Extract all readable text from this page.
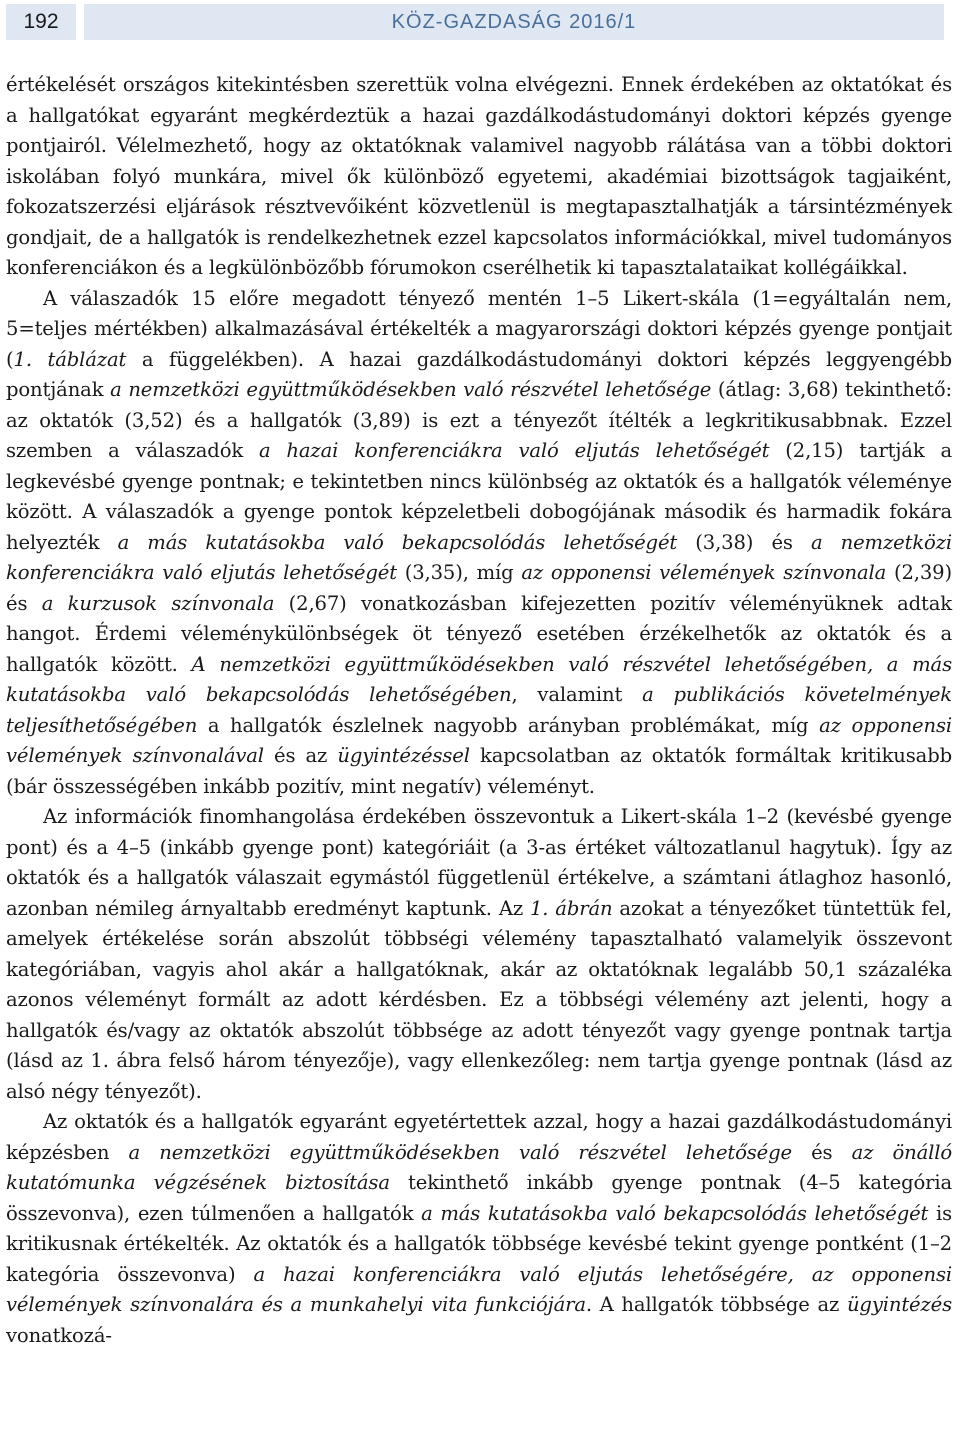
192	KÖZ-GAZDASÁG 2016/1

értékelését országos kitekintésben szerettük volna elvégezni. Ennek érdekében az oktatókat és a hallgatókat egyaránt megkérdeztük a hazai gazdálkodástudományi doktori képzés gyenge pontjairól. Vélelmezhető, hogy az oktatóknak valamivel nagyobb rálátása van a többi doktori iskolában folyó munkára, mivel ők különböző egyetemi, akadémiai bizottságok tagjaiként, fokozatszerzési eljárások résztvevőiként közvetlenül is megtapasztalhatják a társintézmények gondjait, de a hallgatók is rendelkezhetnek ezzel kapcsolatos információkkal, mivel tudományos konferenciákon és a legkülönbözőbb fórumokon cserélhetik ki tapasztalataikat kollégáikkal.

A válaszadók 15 előre megadott tényező mentén 1–5 Likert-skála (1=egyáltalán nem, 5=teljes mértékben) alkalmazásával értékelték a magyarországi doktori képzés gyenge pontjait (1. táblázat a függelékben). A hazai gazdálkodástudományi doktori képzés leggyengébb pontjának a nemzetközi együttműködésekben való részvétel lehetősége (átlag: 3,68) tekinthető: az oktatók (3,52) és a hallgatók (3,89) is ezt a tényezőt ítélték a legkritikusabbnak. Ezzel szemben a válaszadók a hazai konferenciákra való eljutás lehetőségét (2,15) tartják a legkevésbé gyenge pontnak; e tekintetben nincs különbség az oktatók és a hallgatók véleménye között. A válaszadók a gyenge pontok képzeletbeli dobogójának második és harmadik fokára helyezték a más kutatásokba való bekapcsolódás lehetőségét (3,38) és a nemzetközi konferenciákra való eljutás lehetőségét (3,35), míg az opponensi vélemények színvonala (2,39) és a kurzusok színvonala (2,67) vonatkozásban kifejezetten pozitív véleményüknek adtak hangot. Érdemi véleménykülönbségek öt tényező esetében érzékelhetők az oktatók és a hallgatók között. A nemzetközi együttműködésekben való részvétel lehetőségében, a más kutatásokba való bekapcsolódás lehetőségében, valamint a publikációs követelmények teljesíthetőségében a hallgatók észlelnek nagyobb arányban problémákat, míg az opponensi vélemények színvonalával és az ügyintézéssel kapcsolatban az oktatók formáltak kritikusabb (bár összességében inkább pozitív, mint negatív) véleményt.

Az információk finomhangolása érdekében összevontuk a Likert-skála 1–2 (kevésbé gyenge pont) és a 4–5 (inkább gyenge pont) kategóriáit (a 3-as értéket változatlanul hagytuk). Így az oktatók és a hallgatók válaszait egymástól függetlenül értékelve, a számtani átlaghoz hasonló, azonban némileg árnyaltabb eredményt kaptunk. Az 1. ábrán azokat a tényezőket tüntettük fel, amelyek értékelése során abszolút többségi vélemény tapasztalható valamelyik összevont kategóriában, vagyis ahol akár a hallgatóknak, akár az oktatóknak legalább 50,1 százaléka azonos véleményt formált az adott kérdésben. Ez a többségi vélemény azt jelenti, hogy a hallgatók és/vagy az oktatók abszolút többsége az adott tényezőt vagy gyenge pontnak tartja (lásd az 1. ábra felső három tényezője), vagy ellenkezőleg: nem tartja gyenge pontnak (lásd az alsó négy tényezőt).

Az oktatók és a hallgatók egyaránt egyetértettek azzal, hogy a hazai gazdálkodástudományi képzésben a nemzetközi együttműködésekben való részvétel lehetősége és az önálló kutatómunka végzésének biztosítása tekinthető inkább gyenge pontnak (4–5 kategória összevonva), ezen túlmenően a hallgatók a más kutatásokba való bekapcsolódás lehetőségét is kritikusnak értékelték. Az oktatók és a hallgatók többsége kevésbé tekint gyenge pontként (1–2 kategória összevonva) a hazai konferenciákra való eljutás lehetőségére, az opponensi vélemények színvonalára és a munkahelyi vita funkciójára. A hallgatók többsége az ügyintézés vonatkozá-
